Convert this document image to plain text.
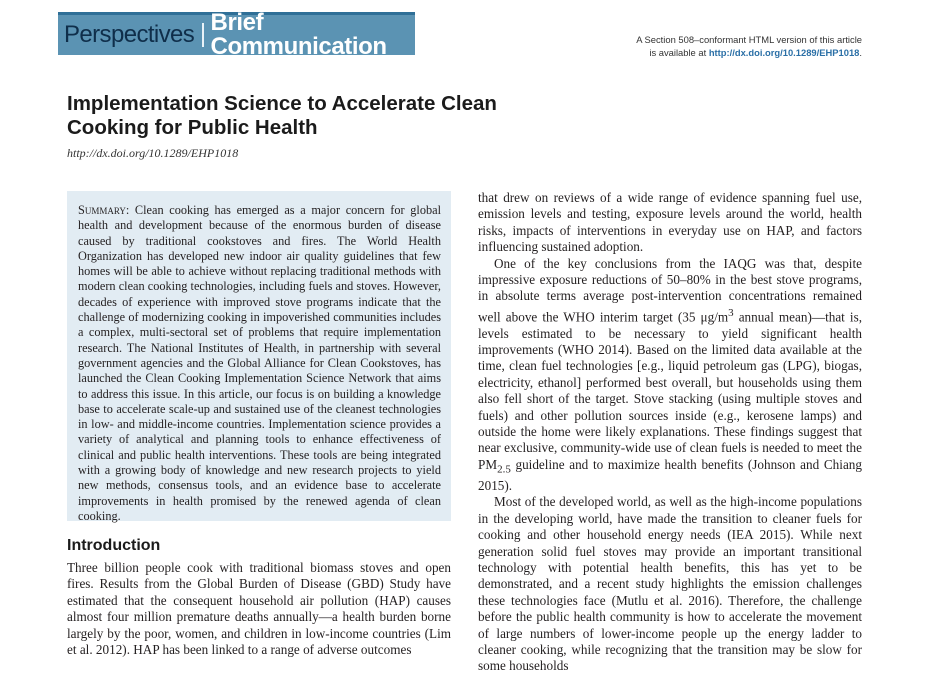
Perspectives Brief Communication	A Section 508–conformant HTML version of this article
is available at http://dx.doi.org/10.1289/EHP1018.
Implementation Science to Accelerate Clean Cooking for Public Health
http://dx.doi.org/10.1289/EHP1018
Summary: Clean cooking has emerged as a major concern for global health and development because of the enormous burden of disease caused by traditional cookstoves and fires. The World Health Organization has developed new indoor air quality guidelines that few homes will be able to achieve without replacing traditional methods with modern clean cooking technologies, including fuels and stoves. However, decades of experience with improved stove programs indicate that the challenge of modernizing cooking in impoverished communities includes a complex, multi-sectoral set of problems that require implementation research. The National Institutes of Health, in partnership with several government agencies and the Global Alliance for Clean Cookstoves, has launched the Clean Cooking Implementation Science Network that aims to address this issue. In this article, our focus is on building a knowledge base to accelerate scale-up and sustained use of the cleanest technologies in low- and middle-income countries. Implementation science provides a variety of analytical and planning tools to enhance effectiveness of clinical and public health interventions. These tools are being integrated with a growing body of knowledge and new research projects to yield new methods, consensus tools, and an evidence base to accelerate improvements in health promised by the renewed agenda of clean cooking.
Introduction
Three billion people cook with traditional biomass stoves and open fires. Results from the Global Burden of Disease (GBD) Study have estimated that the consequent household air pollution (HAP) causes almost four million premature deaths annually—a health burden borne largely by the poor, women, and children in low-income countries (Lim et al. 2012). HAP has been linked to a range of adverse outcomes

that drew on reviews of a wide range of evidence spanning fuel use, emission levels and testing, exposure levels around the world, health risks, impacts of interventions in everyday use on HAP, and factors influencing sustained adoption.

One of the key conclusions from the IAQG was that, despite impressive exposure reductions of 50–80% in the best stove programs, in absolute terms average post-intervention concentrations remained well above the WHO interim target (35 $\mu g/m^3$ annual mean)—that is, levels estimated to be necessary to yield significant health improvements (WHO 2014). Based on the limited data available at the time, clean fuel technologies [e.g., liquid petroleum gas (LPG), biogas, electricity, ethanol] performed best overall, but households using them also fell short of the target. Stove stacking (using multiple stoves and fuels) and other pollution sources inside (e.g., kerosene lamps) and outside the home were likely explanations. These findings suggest that near exclusive, community-wide use of clean fuels is needed to meet the $PM_{2.5}$ guideline and to maximize health benefits (Johnson and Chiang 2015).

Most of the developed world, as well as the high-income populations in the developing world, have made the transition to cleaner fuels for cooking and other household energy needs (IEA 2015). While next generation solid fuel stoves may provide an important transitional technology with potential health benefits, this has yet to be demonstrated, and a recent study highlights the emission challenges these technologies face (Mutlu et al. 2016). Therefore, the challenge before the public health community is how to accelerate the movement of large numbers of lower-income people up the energy ladder to cleaner cooking, while recognizing that the transition may be slow for some households
